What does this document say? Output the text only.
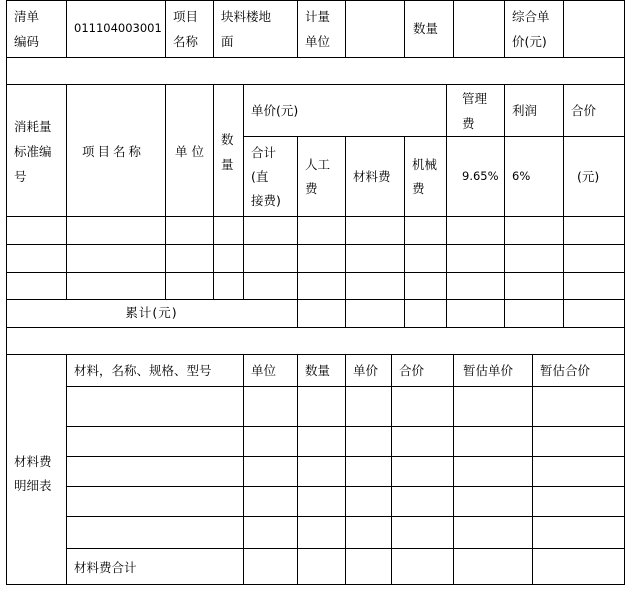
清单
编码
011104003001
项目
名称
块料楼地
面
计量
单位
数量
综合单
价(元)
消耗量
标准编
号
项目名称 单位
数
量
单价(元)
合计
(直
接费)
人工
费
材料费
机械
费
管理
费
9.65%
利润
6%
合价
(元)
累计(元)
材料费
明细表
材料，名称、规格、型号	单位 数量 单价 合价	暂估单价 暂估合价
材料费合计
